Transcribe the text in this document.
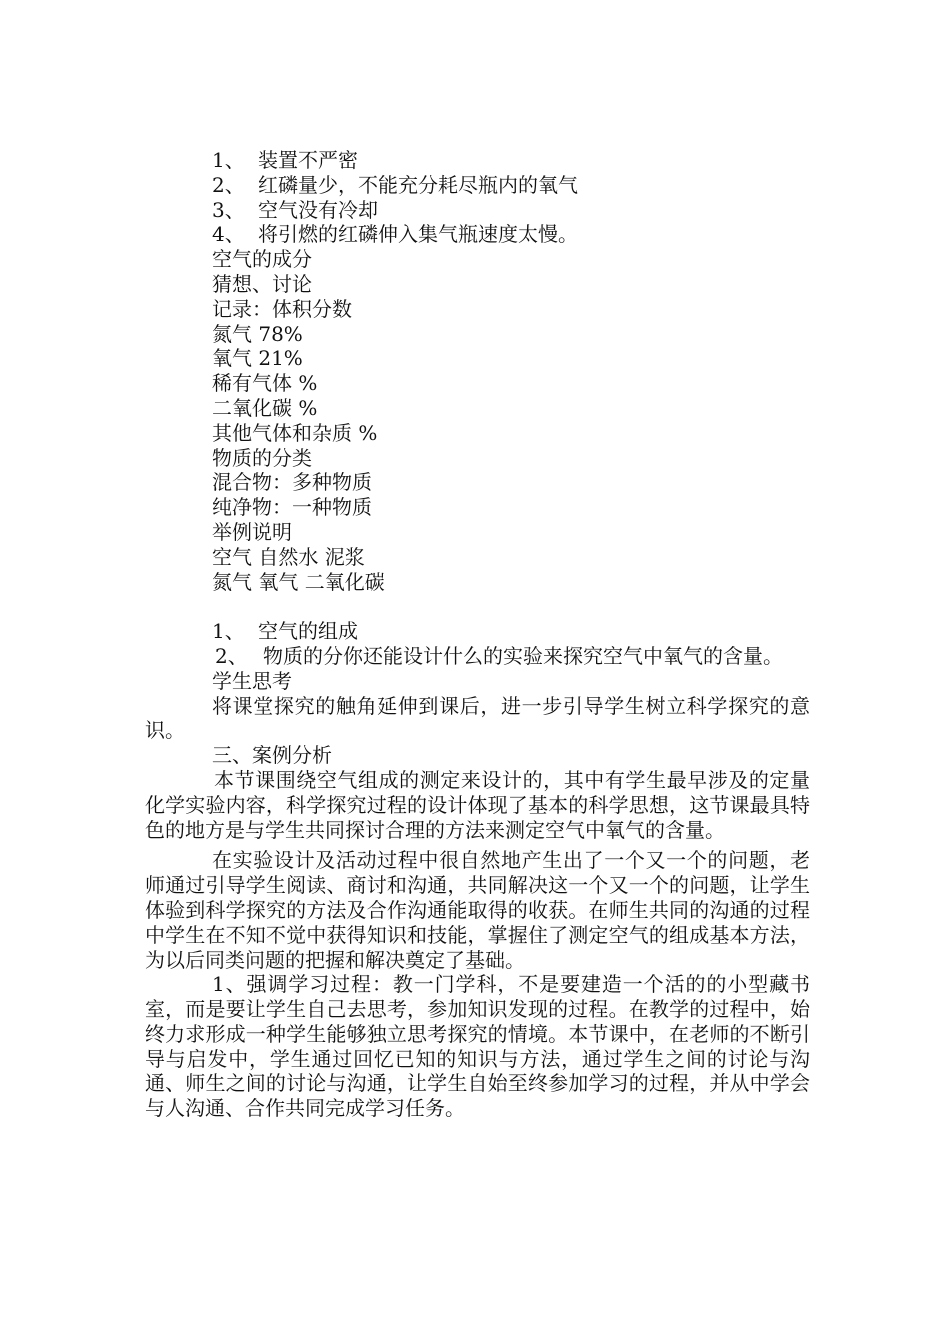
1、 装置不严密
2、 红磷量少，不能充分耗尽瓶内的氧气
3、 空气没有冷却
4、 将引燃的红磷伸入集气瓶速度太慢。
空气的成分
猜想、讨论
记录：体积分数
氮气 78%
氧气 21%
稀有气体 %
二氧化碳 %
其他气体和杂质 %
物质的分类
混合物：多种物质
纯净物：一种物质
举例说明
空气 自然水 泥浆
氮气 氧气 二氧化碳
1、 空气的组成
2、 物质的分你还能设计什么的实验来探究空气中氧气的含量。
学生思考

将课堂探究的触角延伸到课后，进一步引导学生树立科学探究的意识。

三、案例分析

本节课围绕空气组成的测定来设计的，其中有学生最早涉及的定量化学实验内容，科学探究过程的设计体现了基本的科学思想，这节课最具特色的地方是与学生共同探讨合理的方法来测定空气中氧气的含量。

在实验设计及活动过程中很自然地产生出了一个又一个的问题，老师通过引导学生阅读、商讨和沟通，共同解决这一个又一个的问题，让学生体验到科学探究的方法及合作沟通能取得的收获。在师生共同的沟通的过程中学生在不知不觉中获得知识和技能，掌握住了测定空气的组成基本方法，为以后同类问题的把握和解决奠定了基础。

1、强调学习过程：教一门学科，不是要建造一个活的的小型藏书室，而是要让学生自己去思考，参加知识发现的过程。在教学的过程中，始终力求形成一种学生能够独立思考探究的情境。本节课中，在老师的不断引导与启发中，学生通过回忆已知的知识与方法，通过学生之间的讨论与沟通、师生之间的讨论与沟通，让学生自始至终参加学习的过程，并从中学会与人沟通、合作共同完成学习任务。
